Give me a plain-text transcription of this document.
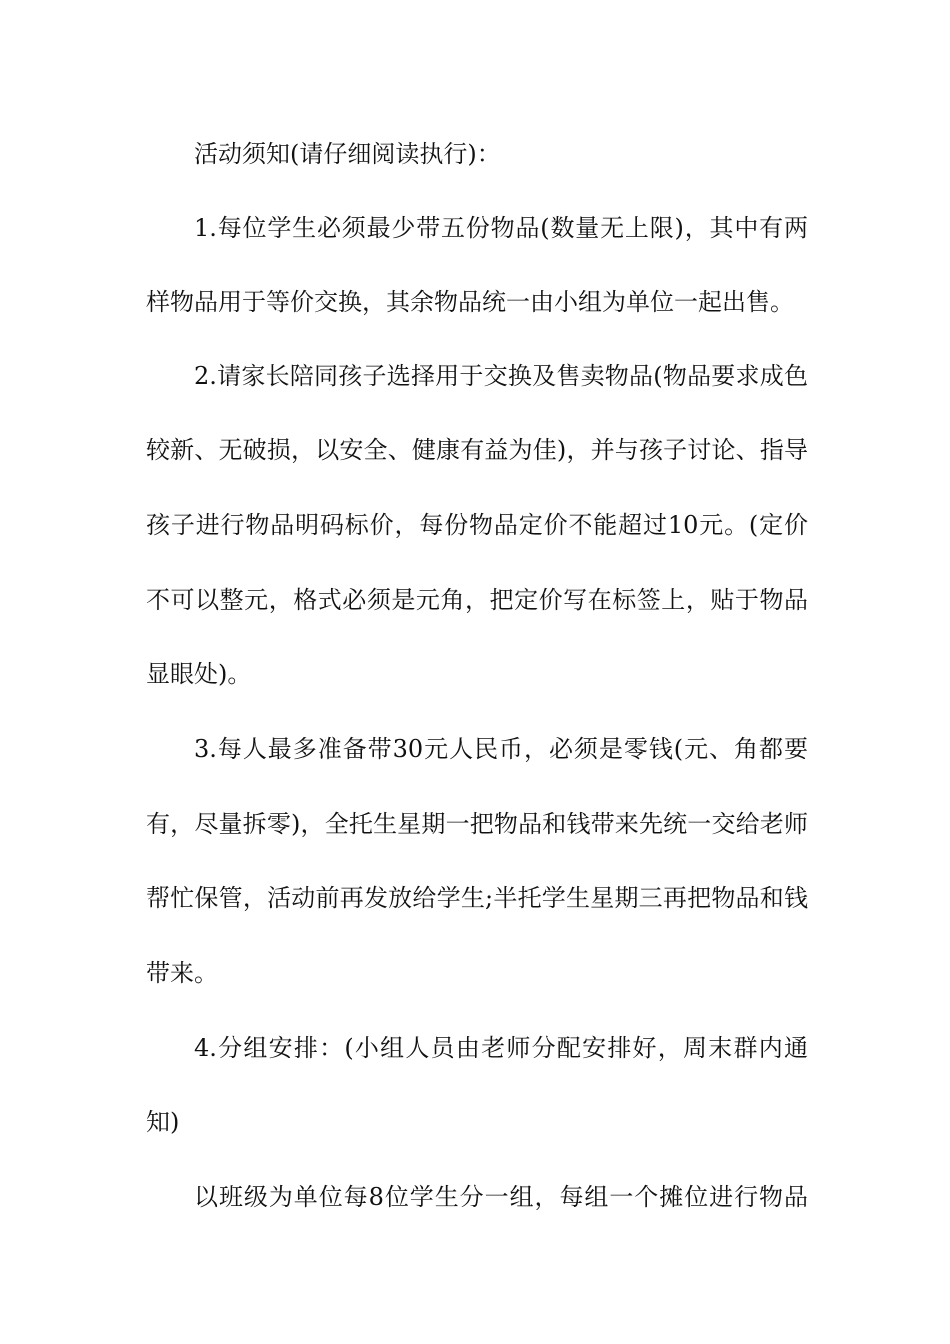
活动须知(请仔细阅读执行)：
1.每位学生必须最少带五份物品(数量无上限)，其中有两
样物品用于等价交换，其余物品统一由小组为单位一起出售。
2.请家长陪同孩子选择用于交换及售卖物品(物品要求成色
较新、无破损，以安全、健康有益为佳)，并与孩子讨论、指导
孩子进行物品明码标价，每份物品定价不能超过10元。(定价
不可以整元，格式必须是元角，把定价写在标签上，贴于物品
显眼处)。
3.每人最多准备带30元人民币，必须是零钱(元、角都要
有，尽量拆零)，全托生星期一把物品和钱带来先统一交给老师
帮忙保管，活动前再发放给学生;半托学生星期三再把物品和钱
带来。
4.分组安排：(小组人员由老师分配安排好，周末群内通
知)
以班级为单位每8位学生分一组，每组一个摊位进行物品
